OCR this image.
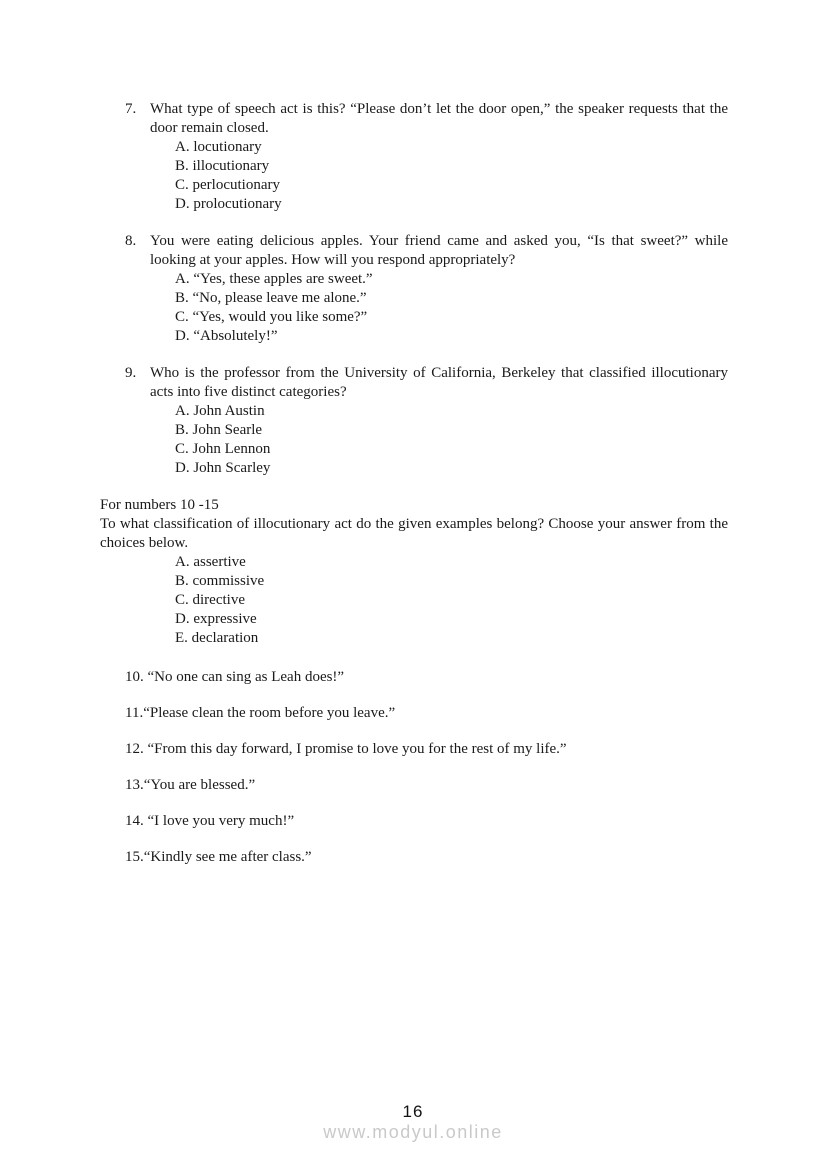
7. What type of speech act is this? “Please don’t let the door open,” the speaker requests that the door remain closed.

A. locutionary
B. illocutionary
C. perlocutionary
D. prolocutionary
8. You were eating delicious apples. Your friend came and asked you, “Is that sweet?” while looking at your apples. How will you respond appropriately?

A. “Yes, these apples are sweet.”
B. “No, please leave me alone.”
C. “Yes, would you like some?”
D. “Absolutely!”
9. Who is the professor from the University of California, Berkeley that classified illocutionary acts into five distinct categories?

A. John Austin
B. John Searle
C. John Lennon
D. John Scarley

For numbers 10 -15

To what classification of illocutionary act do the given examples belong? Choose your answer from the choices below.

A. assertive
B. commissive
C. directive
D. expressive
E. declaration
10. “No one can sing as Leah does!”
11.“Please clean the room before you leave.”
12. “From this day forward, I promise to love you for the rest of my life.”
13.“You are blessed.”
14. “I love you very much!”
15.“Kindly see me after class.”
16
www.modyul.online
